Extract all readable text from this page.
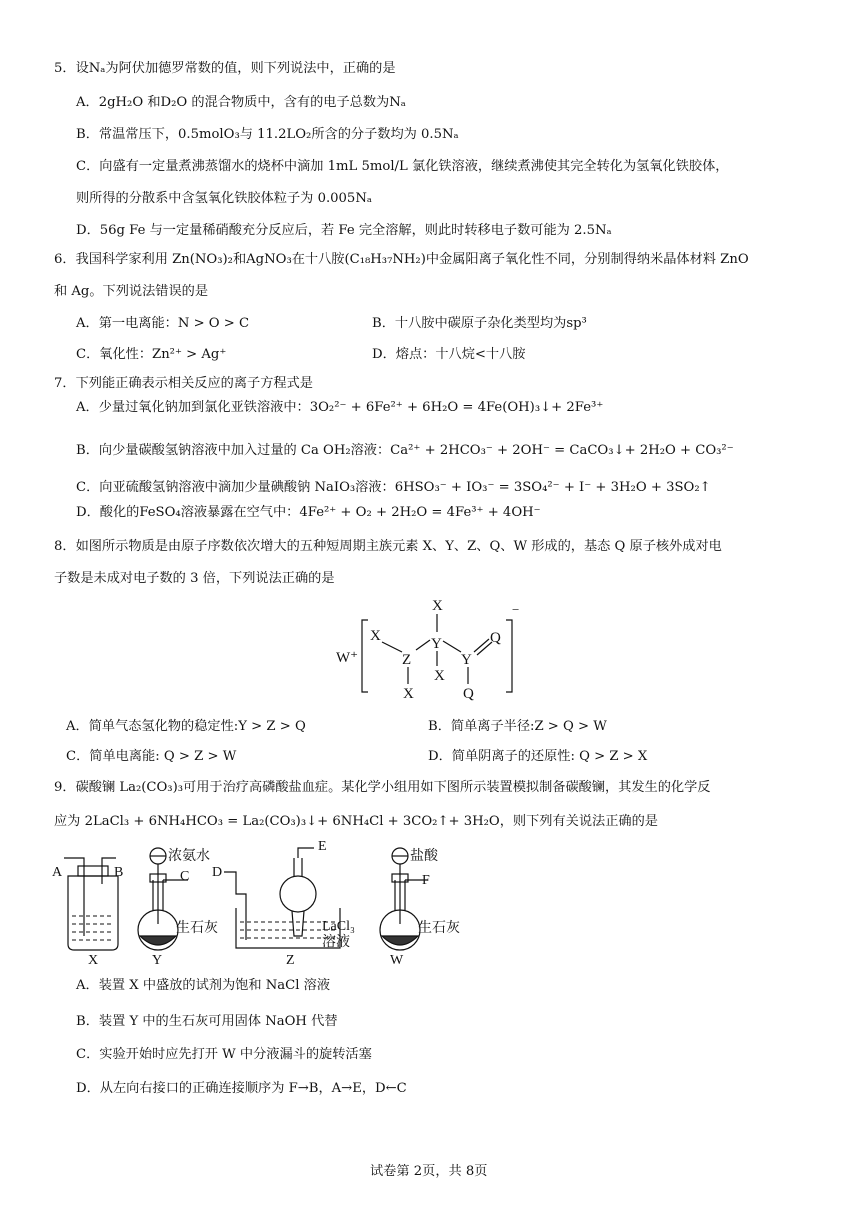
5．设Nₐ为阿伏加德罗常数的值，则下列说法中，正确的是
A．2gH₂O 和D₂O 的混合物质中，含有的电子总数为Nₐ
B．常温常压下，0.5molO₃与 11.2LO₂所含的分子数均为 0.5Nₐ
C．向盛有一定量煮沸蒸馏水的烧杯中滴加 1mL 5mol/L 氯化铁溶液，继续煮沸使其完全转化为氢氧化铁胶体，
则所得的分散系中含氢氧化铁胶体粒子为 0.005Nₐ
D．56g Fe 与一定量稀硝酸充分反应后，若 Fe 完全溶解，则此时转移电子数可能为 2.5Nₐ
6．我国科学家利用 Zn(NO₃)₂和AgNO₃在十八胺(C₁₈H₃₇NH₂)中金属阳离子氧化性不同，分别制得纳米晶体材料 ZnO
和 Ag。下列说法错误的是
A．第一电离能：N > O > C	B．十八胺中碳原子杂化类型均为sp³
C．氧化性：Zn²⁺ > Ag⁺	D．熔点：十八烷<十八胺
7．下列能正确表示相关反应的离子方程式是
A．少量过氧化钠加到氯化亚铁溶液中：3O₂²⁻ + 6Fe²⁺ + 6H₂O = 4Fe(OH)₃↓+ 2Fe³⁺
B．向少量碳酸氢钠溶液中加入过量的 Ca OH₂溶液：Ca²⁺ + 2HCO₃⁻ + 2OH⁻ = CaCO₃↓+ 2H₂O + CO₃²⁻
C．向亚硫酸氢钠溶液中滴加少量碘酸钠 NaIO₃溶液：6HSO₃⁻ + IO₃⁻ = 3SO₄²⁻ + I⁻ + 3H₂O + 3SO₂↑
D．酸化的FeSO₄溶液暴露在空气中：4Fe²⁺ + O₂ + 2H₂O = 4Fe³⁺ + 4OH⁻
8．如图所示物质是由原子序数依次增大的五种短周期主族元素 X、Y、Z、Q、W 形成的，基态 Q 原子核外成对电
子数是未成对电子数的 3 倍，下列说法正确的是
W⁺
X
X
Y
X
Z
X
Y
Q
Q
−
A．简单气态氢化物的稳定性:Y > Z > Q	B．简单离子半径:Z > Q > W
C．简单电离能: Q > Z > W	D．简单阴离子的还原性: Q > Z > X
9．碳酸镧 La₂(CO₃)₃可用于治疗高磷酸盐血症。某化学小组用如下图所示装置模拟制备碳酸镧，其发生的化学反
应为 2LaCl₃ + 6NH₄HCO₃ = La₂(CO₃)₃↓+ 6NH₄Cl + 3CO₂↑+ 3H₂O，则下列有关说法正确的是
A	B	C D
E
F
浓氨水
生石灰	LaCl₃
溶液
盐酸
生石灰
X	Y	Z	W
A．装置 X 中盛放的试剂为饱和 NaCl 溶液
B．装置 Y 中的生石灰可用固体 NaOH 代替
C．实验开始时应先打开 W 中分液漏斗的旋转活塞
D．从左向右接口的正确连接顺序为 F→B，A→E，D←C
试卷第 2页，共 8页
